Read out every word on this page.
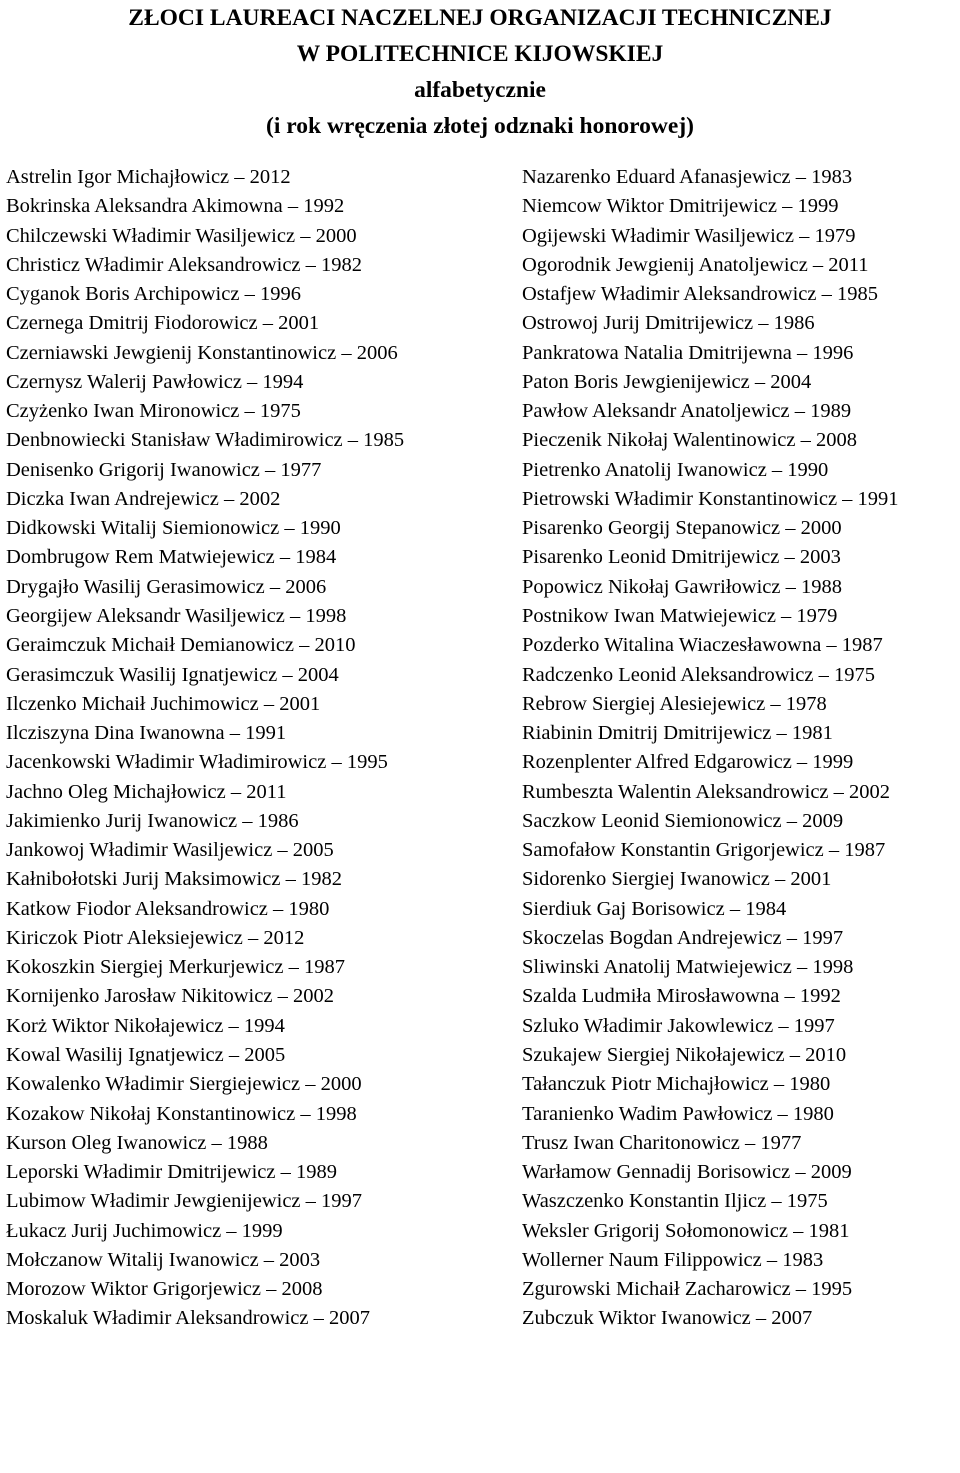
ZŁOCI LAUREACI NACZELNEJ ORGANIZACJI TECHNICZNEJ
W POLITECHNICE KIJOWSKIEJ
alfabetycznie
(i rok wręczenia złotej odznaki honorowej)
Astrelin Igor Michajłowicz – 2012
Bokrinska Aleksandra Akimowna – 1992
Chilczewski Władimir Wasiljewicz – 2000
Christicz Władimir Aleksandrowicz – 1982
Cyganok Boris Archipowicz – 1996
Czernega Dmitrij Fiodorowicz – 2001
Czerniawski Jewgienij Konstantinowicz – 2006
Czernysz Walerij Pawłowicz – 1994
Czyżenko Iwan Mironowicz – 1975
Denbnowiecki Stanisław Władimirowicz – 1985
Denisenko Grigorij Iwanowicz – 1977
Diczka Iwan Andrejewicz – 2002
Didkowski Witalij Siemionowicz – 1990
Dombrugow Rem Matwiejewicz – 1984
Drygajło Wasilij Gerasimowicz – 2006
Georgijew Aleksandr Wasiljewicz – 1998
Geraimczuk Michaił Demianowicz – 2010
Gerasimczuk Wasilij Ignatjewicz – 2004
Ilczenko Michaił Juchimowicz – 2001
Ilcziszyna Dina Iwanowna – 1991
Jacenkowski Władimir Władimirowicz – 1995
Jachno Oleg Michajłowicz – 2011
Jakimienko Jurij Iwanowicz – 1986
Jankowoj Władimir Wasiljewicz – 2005
Kałnibołotski Jurij Maksimowicz – 1982
Katkow Fiodor Aleksandrowicz – 1980
Kiriczok Piotr Aleksiejewicz – 2012
Kokoszkin Siergiej Merkurjewicz – 1987
Kornijenko Jarosław Nikitowicz – 2002
Korż Wiktor Nikołajewicz – 1994
Kowal Wasilij Ignatjewicz – 2005
Kowalenko Władimir Siergiejewicz – 2000
Kozakow Nikołaj Konstantinowicz – 1998
Kurson Oleg Iwanowicz – 1988
Leporski Władimir Dmitrijewicz – 1989
Lubimow Władimir Jewgienijewicz – 1997
Łukacz Jurij Juchimowicz – 1999
Mołczanow Witalij Iwanowicz – 2003
Morozow Wiktor Grigorjewicz – 2008
Moskaluk Władimir Aleksandrowicz – 2007
Nazarenko Eduard Afanasjewicz – 1983
Niemcow Wiktor Dmitrijewicz – 1999
Ogijewski Władimir Wasiljewicz – 1979
Ogorodnik Jewgienij Anatoljewicz – 2011
Ostafjew Władimir Aleksandrowicz – 1985
Ostrowoj Jurij Dmitrijewicz – 1986
Pankratowa Natalia Dmitrijewna – 1996
Paton Boris Jewgienijewicz – 2004
Pawłow Aleksandr Anatoljewicz – 1989
Pieczenik Nikołaj Walentinowicz – 2008
Pietrenko Anatolij Iwanowicz – 1990
Pietrowski Władimir Konstantinowicz – 1991
Pisarenko Georgij Stepanowicz – 2000
Pisarenko Leonid Dmitrijewicz – 2003
Popowicz Nikołaj Gawriłowicz – 1988
Postnikow Iwan Matwiejewicz – 1979
Pozderko Witalina Wiaczesławowna – 1987
Radczenko Leonid Aleksandrowicz – 1975
Rebrow Siergiej Alesiejewicz – 1978
Riabinin Dmitrij Dmitrijewicz – 1981
Rozenplenter Alfred Edgarowicz – 1999
Rumbeszta Walentin Aleksandrowicz – 2002
Saczkow Leonid Siemionowicz – 2009
Samofałow Konstantin Grigorjewicz – 1987
Sidorenko Siergiej Iwanowicz – 2001
Sierdiuk Gaj Borisowicz – 1984
Skoczelas Bogdan Andrejewicz – 1997
Sliwinski Anatolij Matwiejewicz – 1998
Szalda Ludmiła Mirosławowna – 1992
Szluko Władimir Jakowlewicz – 1997
Szukajew Siergiej Nikołajewicz – 2010
Tałanczuk Piotr Michajłowicz – 1980
Taranienko Wadim Pawłowicz – 1980
Trusz Iwan Charitonowicz – 1977
Warłamow Gennadij Borisowicz – 2009
Waszczenko Konstantin Iljicz – 1975
Weksler Grigorij Sołomonowicz – 1981
Wollerner Naum Filippowicz – 1983
Zgurowski Michaił Zacharowicz – 1995
Zubczuk Wiktor Iwanowicz – 2007
